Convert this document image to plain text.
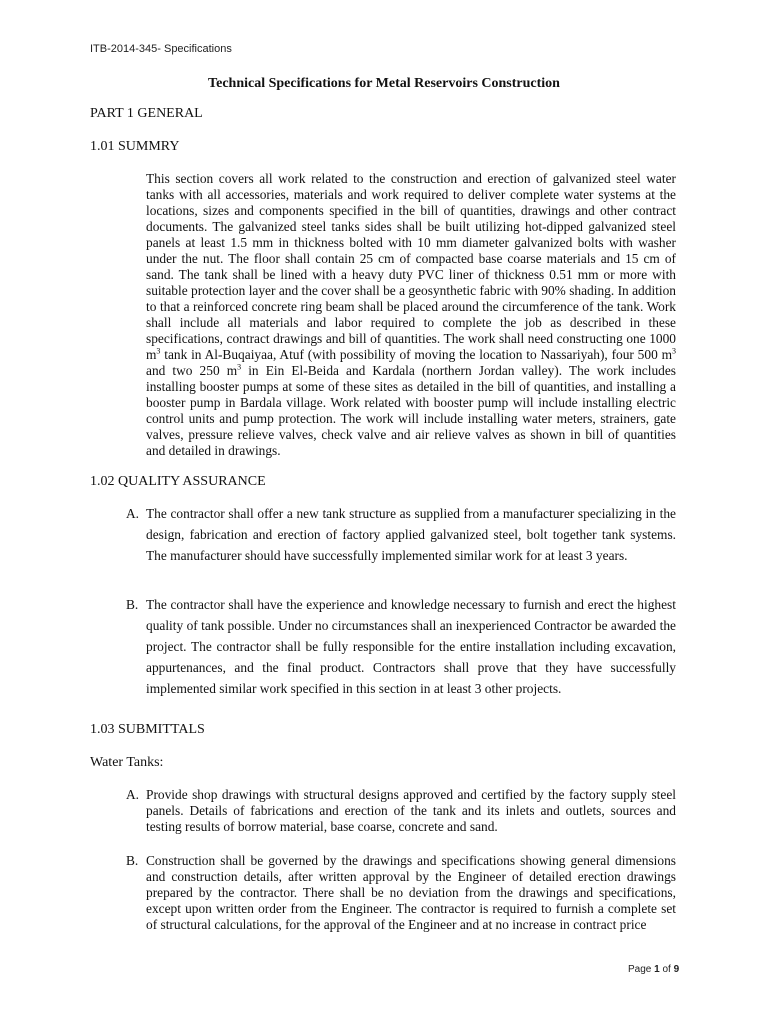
ITB-2014-345- Specifications
Technical Specifications for Metal Reservoirs Construction
PART 1 GENERAL
1.01 SUMMRY
This section covers all work related to the construction and erection of galvanized steel water tanks with all accessories, materials and work required to deliver complete water systems at the locations, sizes and components specified in the bill of quantities, drawings and other contract documents. The galvanized steel tanks sides shall be built utilizing hot-dipped galvanized steel panels at least 1.5 mm in thickness bolted with 10 mm diameter galvanized bolts with washer under the nut. The floor shall contain 25 cm of compacted base coarse materials and 15 cm of sand. The tank shall be lined with a heavy duty PVC liner of thickness 0.51 mm or more with suitable protection layer and the cover shall be a geosynthetic fabric with 90% shading. In addition to that a reinforced concrete ring beam shall be placed around the circumference of the tank. Work shall include all materials and labor required to complete the job as described in these specifications, contract drawings and bill of quantities. The work shall need constructing one 1000 $m^3$ tank in Al-Buqaiyaa, Atuf (with possibility of moving the location to Nassariyah), four 500 $m^3$ and two 250 $m^3$ in Ein El-Beida and Kardala (northern Jordan valley). The work includes installing booster pumps at some of these sites as detailed in the bill of quantities, and installing a booster pump in Bardala village. Work related with booster pump will include installing electric control units and pump protection. The work will include installing water meters, strainers, gate valves, pressure relieve valves, check valve and air relieve valves as shown in bill of quantities and detailed in drawings.
1.02 QUALITY ASSURANCE
A. The contractor shall offer a new tank structure as supplied from a manufacturer specializing in the design, fabrication and erection of factory applied galvanized steel, bolt together tank systems. The manufacturer should have successfully implemented similar work for at least 3 years.
B. The contractor shall have the experience and knowledge necessary to furnish and erect the highest quality of tank possible. Under no circumstances shall an inexperienced Contractor be awarded the project. The contractor shall be fully responsible for the entire installation including excavation, appurtenances, and the final product. Contractors shall prove that they have successfully implemented similar work specified in this section in at least 3 other projects.
1.03 SUBMITTALS
Water Tanks:
A. Provide shop drawings with structural designs approved and certified by the factory supply steel panels. Details of fabrications and erection of the tank and its inlets and outlets, sources and testing results of borrow material, base coarse, concrete and sand.
B. Construction shall be governed by the drawings and specifications showing general dimensions and construction details, after written approval by the Engineer of detailed erection drawings prepared by the contractor. There shall be no deviation from the drawings and specifications, except upon written order from the Engineer. The contractor is required to furnish a complete set of structural calculations, for the approval of the Engineer and at no increase in contract price
Page 1 of 9
